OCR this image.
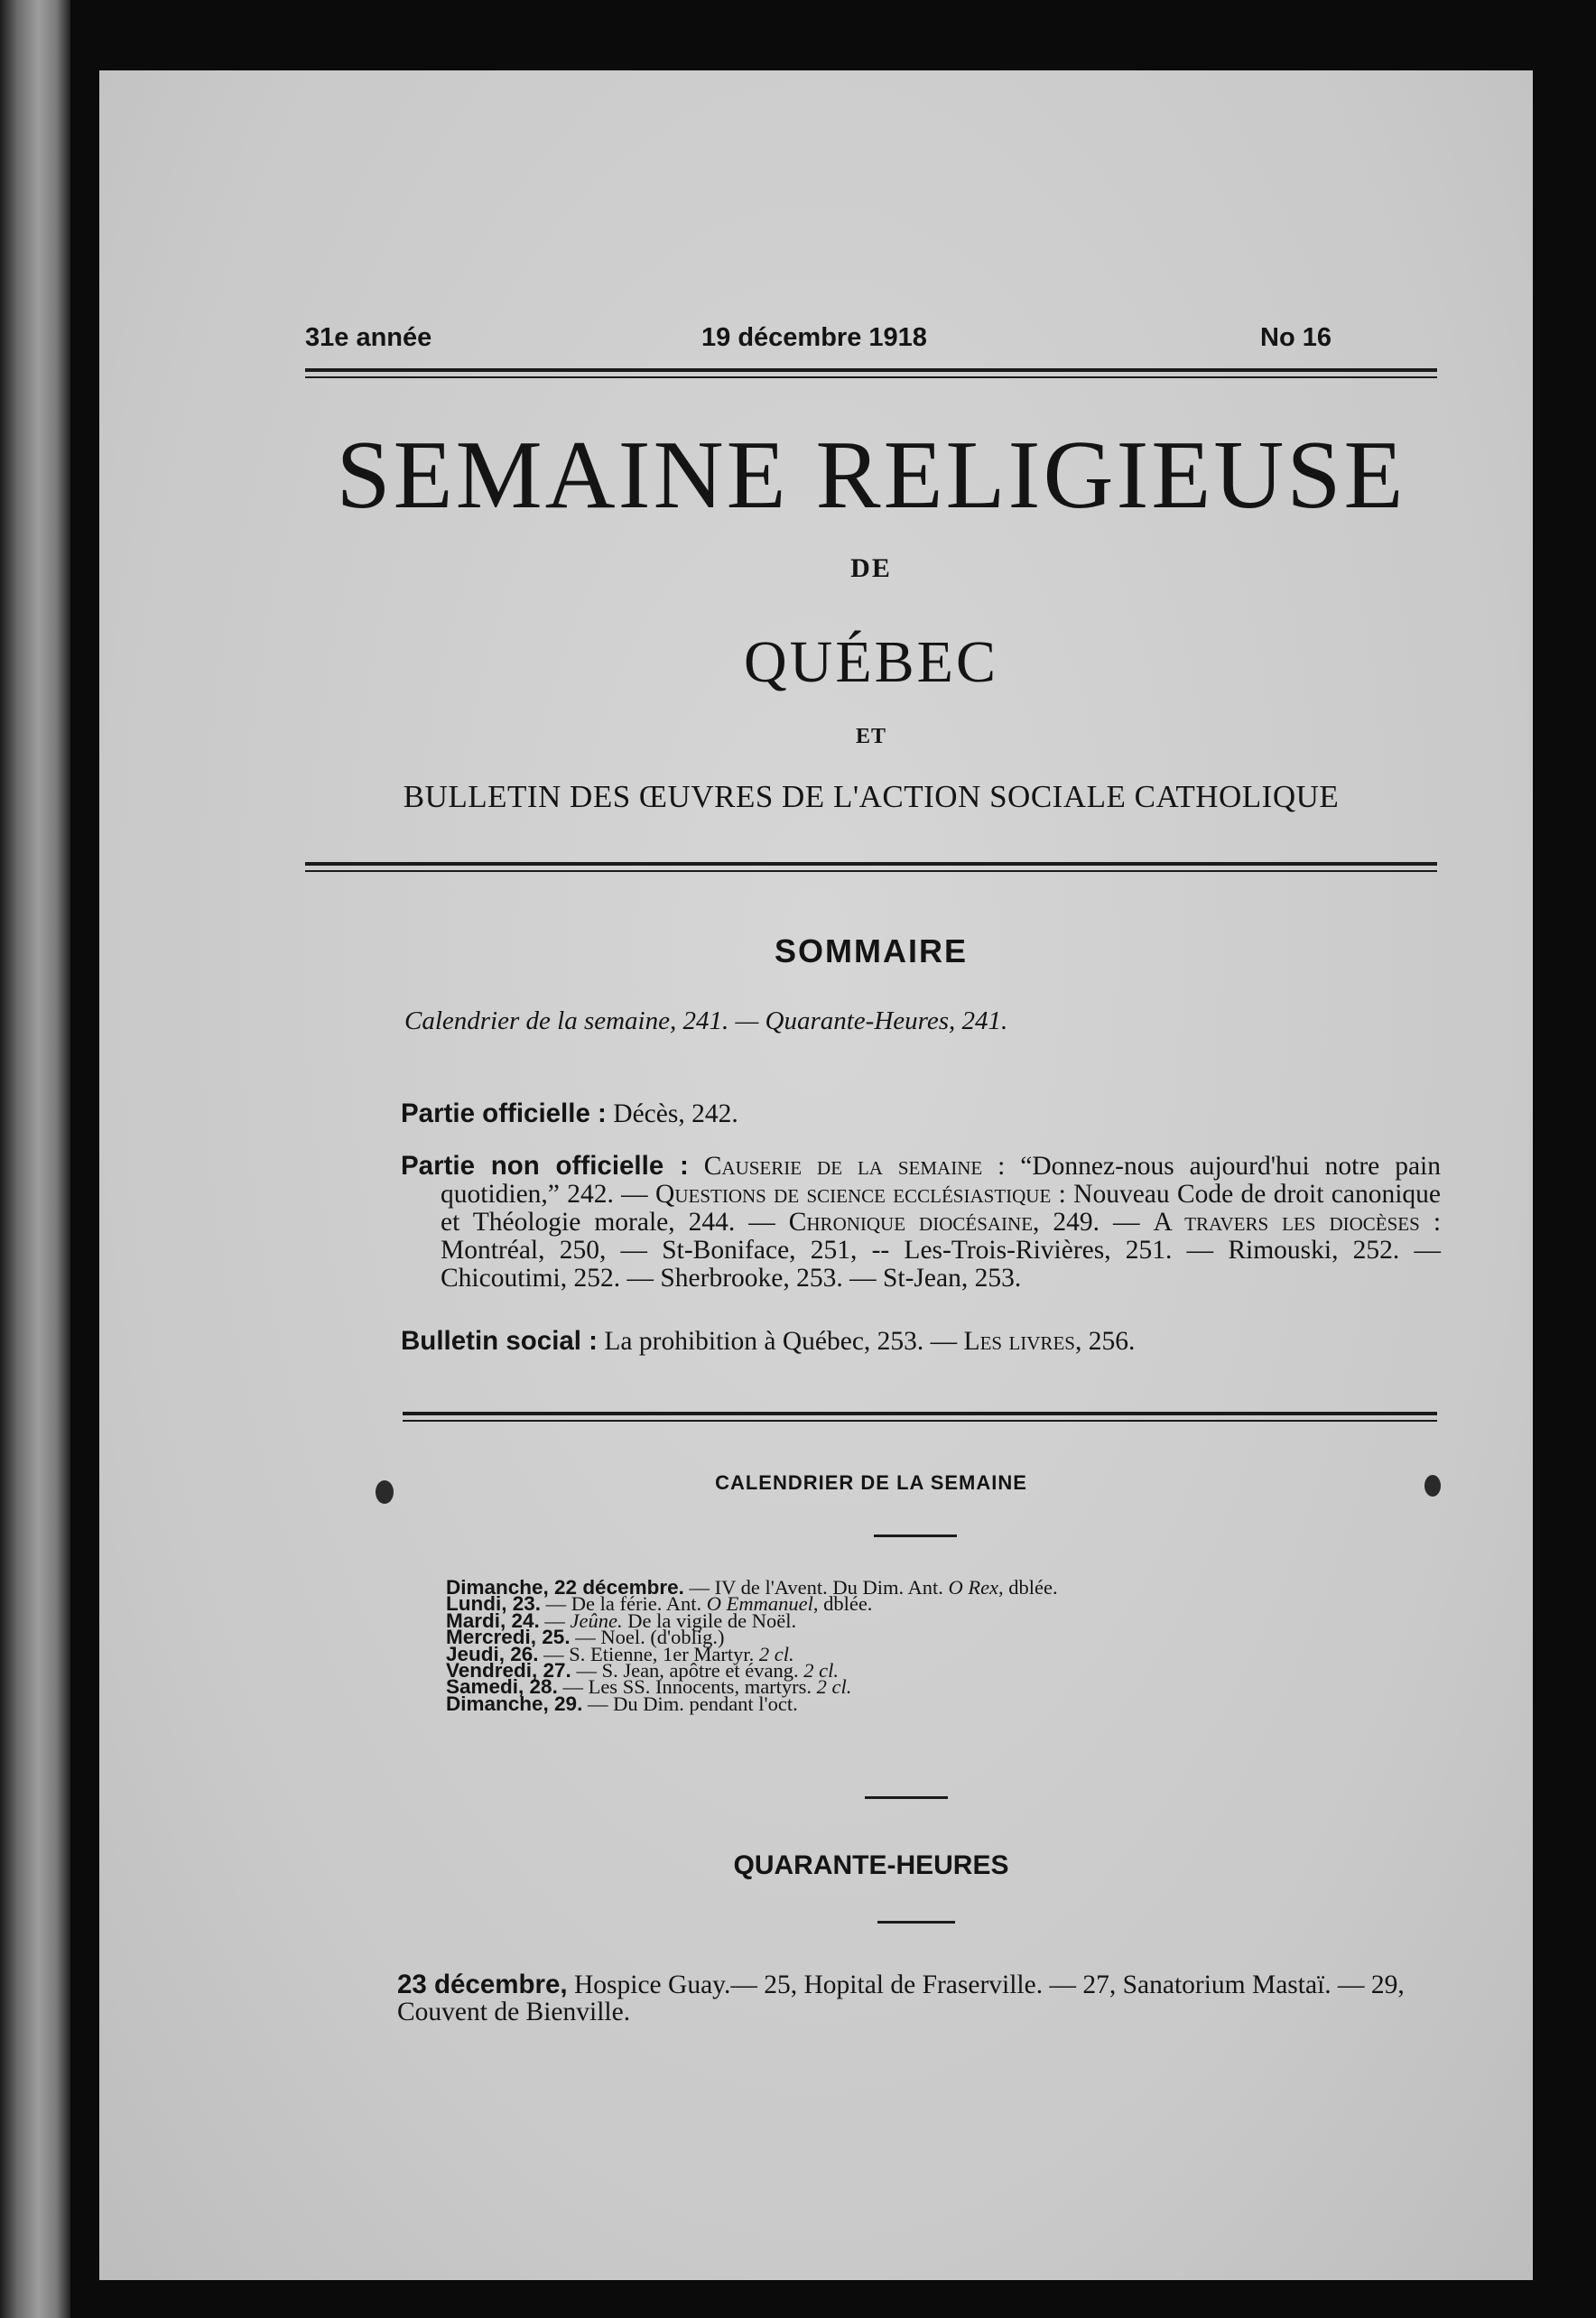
31e année	19 décembre 1918	No 16
SEMAINE RELIGIEUSE
DE
QUÉBEC
ET
BULLETIN DES ŒUVRES DE L'ACTION SOCIALE CATHOLIQUE
SOMMAIRE
Calendrier de la semaine, 241. — Quarante-Heures, 241.
Partie officielle : Décès, 242.
Partie non officielle : Causerie de la semaine : “Donnez-nous aujourd'hui notre pain quotidien,” 242. — Questions de science ecclésiastique : Nouveau Code de droit canonique et Théologie morale, 244. — Chronique diocésaine, 249. — A travers les diocèses : Montréal, 250, — St-Boniface, 251, -- Les-Trois-Rivières, 251. — Rimouski, 252. — Chicoutimi, 252. — Sherbrooke, 253. — St-Jean, 253.
Bulletin social : La prohibition à Québec, 253. — Les livres, 256.
CALENDRIER DE LA SEMAINE
Dimanche, 22 décembre. — IV de l'Avent. Du Dim. Ant. O Rex, dblée.
Lundi, 23. — De la férie. Ant. O Emmanuel, dblée.
Mardi, 24. — Jeûne. De la vigile de Noël.
Mercredi, 25. — Noel. (d'oblig.)
Jeudi, 26. — S. Etienne, 1er Martyr. 2 cl.
Vendredi, 27. — S. Jean, apôtre et évang. 2 cl.
Samedi, 28. — Les SS. Innocents, martyrs. 2 cl.
Dimanche, 29. — Du Dim. pendant l'oct.
QUARANTE-HEURES
23 décembre, Hospice Guay.— 25, Hopital de Fraserville. — 27, Sanatorium Mastaï. — 29, Couvent de Bienville.
